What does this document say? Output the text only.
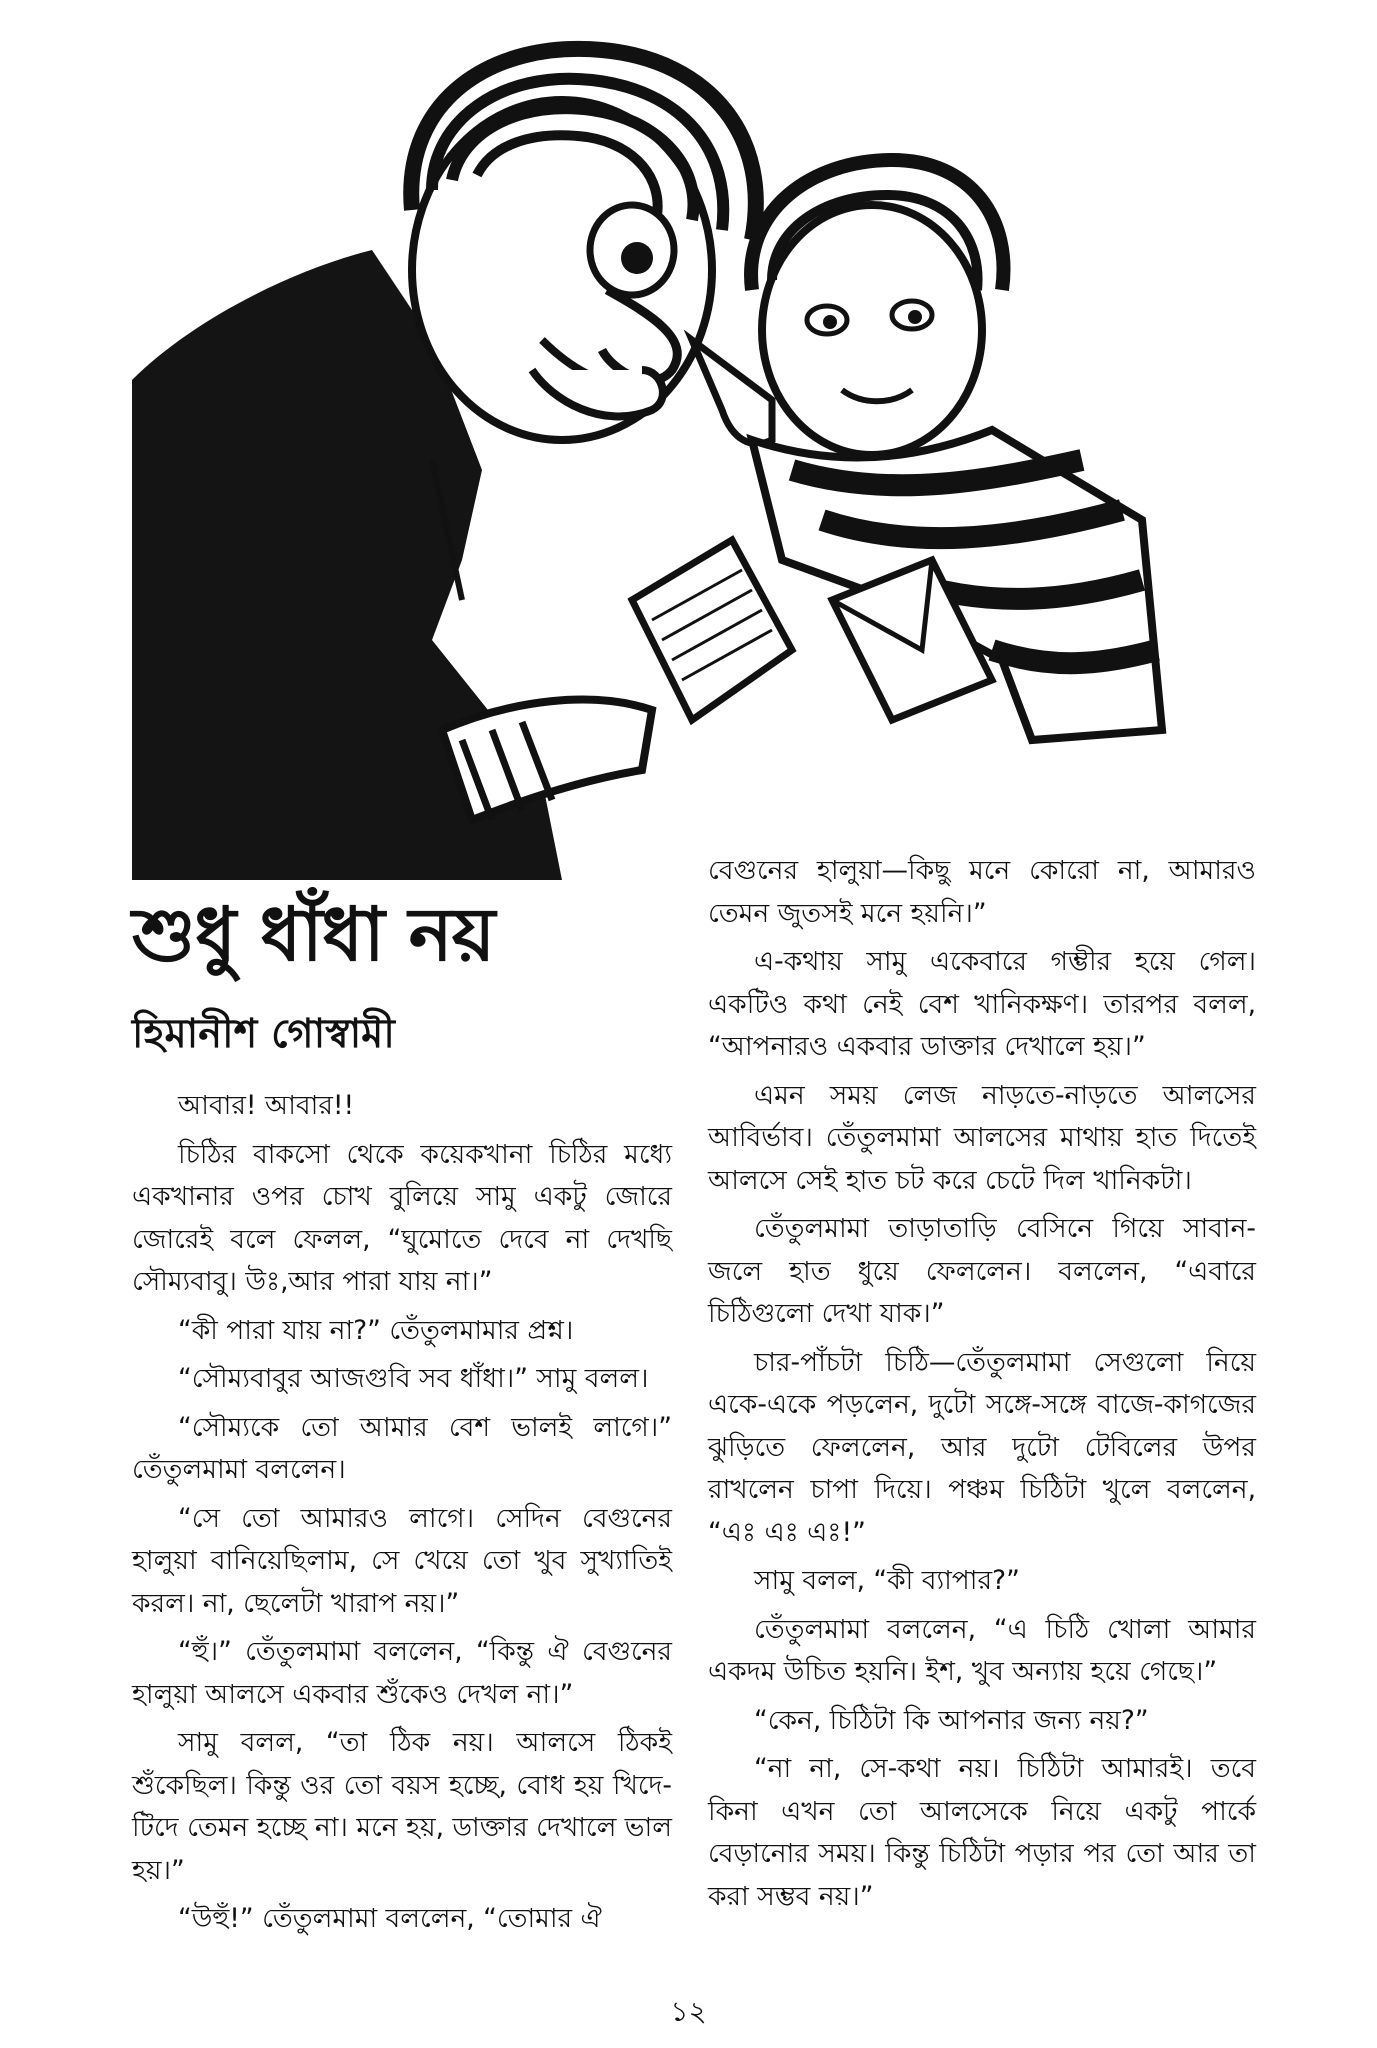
শুধু ধাঁধা নয়
হিমানীশ গোস্বামী

আবার! আবার!!

চিঠির বাকসো থেকে কয়েকখানা চিঠির মধ্যে একখানার ওপর চোখ বুলিয়ে সামু একটু জোরে জোরেই বলে ফেলল, “ঘুমোতে দেবে না দেখছি সৌম্যবাবু। উঃ,আর পারা যায় না।”

“কী পারা যায় না?” তেঁতুলমামার প্রশ্ন।

“সৌম্যবাবুর আজগুবি সব ধাঁধা।” সামু বলল।

“সৌম্যকে তো আমার বেশ ভালই লাগে।” তেঁতুলমামা বললেন।

“সে তো আমারও লাগে। সেদিন বেগুনের হালুয়া বানিয়েছিলাম, সে খেয়ে তো খুব সুখ্যাতিই করল। না, ছেলেটা খারাপ নয়।”

“হুঁ।” তেঁতুলমামা বললেন, “কিন্তু ঐ বেগুনের হালুয়া আলসে একবার শুঁকেও দেখল না।”

সামু বলল, “তা ঠিক নয়। আলসে ঠিকই শুঁকেছিল। কিন্তু ওর তো বয়স হচ্ছে, বোধ হয় খিদে-টিদে তেমন হচ্ছে না। মনে হয়, ডাক্তার দেখালে ভাল হয়।”

“উহুঁ!” তেঁতুলমামা বললেন, “তোমার ঐ

বেগুনের হালুয়া—কিছু মনে কোরো না, আমারও তেমন জুতসই মনে হয়নি।”

এ-কথায় সামু একেবারে গম্ভীর হয়ে গেল। একটিও কথা নেই বেশ খানিকক্ষণ। তারপর বলল, “আপনারও একবার ডাক্তার দেখালে হয়।”

এমন সময় লেজ নাড়তে-নাড়তে আলসের আবির্ভাব। তেঁতুলমামা আলসের মাথায় হাত দিতেই আলসে সেই হাত চট করে চেটে দিল খানিকটা।

তেঁতুলমামা তাড়াতাড়ি বেসিনে গিয়ে সাবান-জলে হাত ধুয়ে ফেললেন। বললেন, “এবারে চিঠিগুলো দেখা যাক।”

চার-পাঁচটা চিঠি—তেঁতুলমামা সেগুলো নিয়ে একে-একে পড়লেন, দুটো সঙ্গে-সঙ্গে বাজে-কাগজের ঝুড়িতে ফেললেন, আর দুটো টেবিলের উপর রাখলেন চাপা দিয়ে। পঞ্চম চিঠিটা খুলে বললেন, “এঃ এঃ এঃ!”

সামু বলল, “কী ব্যাপার?”

তেঁতুলমামা বললেন, “এ চিঠি খোলা আমার একদম উচিত হয়নি। ইশ, খুব অন্যায় হয়ে গেছে।”

“কেন, চিঠিটা কি আপনার জন্য নয়?”

“না না, সে-কথা নয়। চিঠিটা আমারই। তবে কিনা এখন তো আলসেকে নিয়ে একটু পার্কে বেড়ানোর সময়। কিন্তু চিঠিটা পড়ার পর তো আর তা করা সম্ভব নয়।”

১২
